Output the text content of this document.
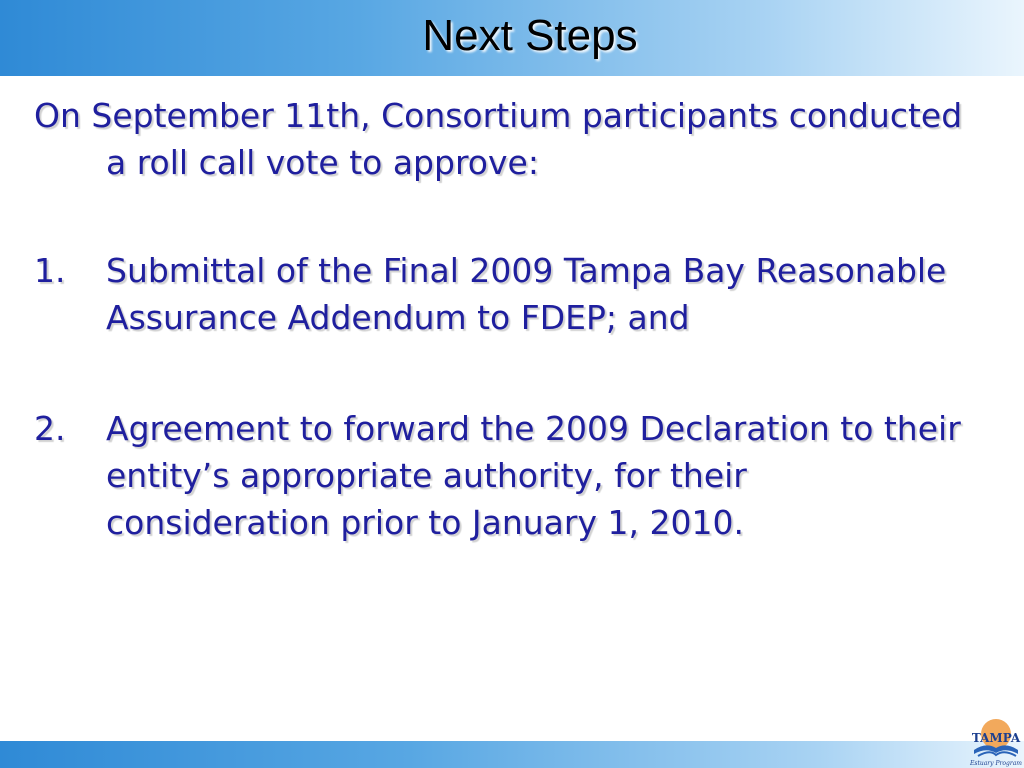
Next Steps

On September 11th, Consortium participants conducted a roll call vote to approve:

1. Submittal of the Final 2009 Tampa Bay Reasonable Assurance Addendum to FDEP; and
2. Agreement to forward the 2009 Declaration to their entity’s appropriate authority, for their consideration prior to January 1, 2010.
TAMPA
Estuary Program
